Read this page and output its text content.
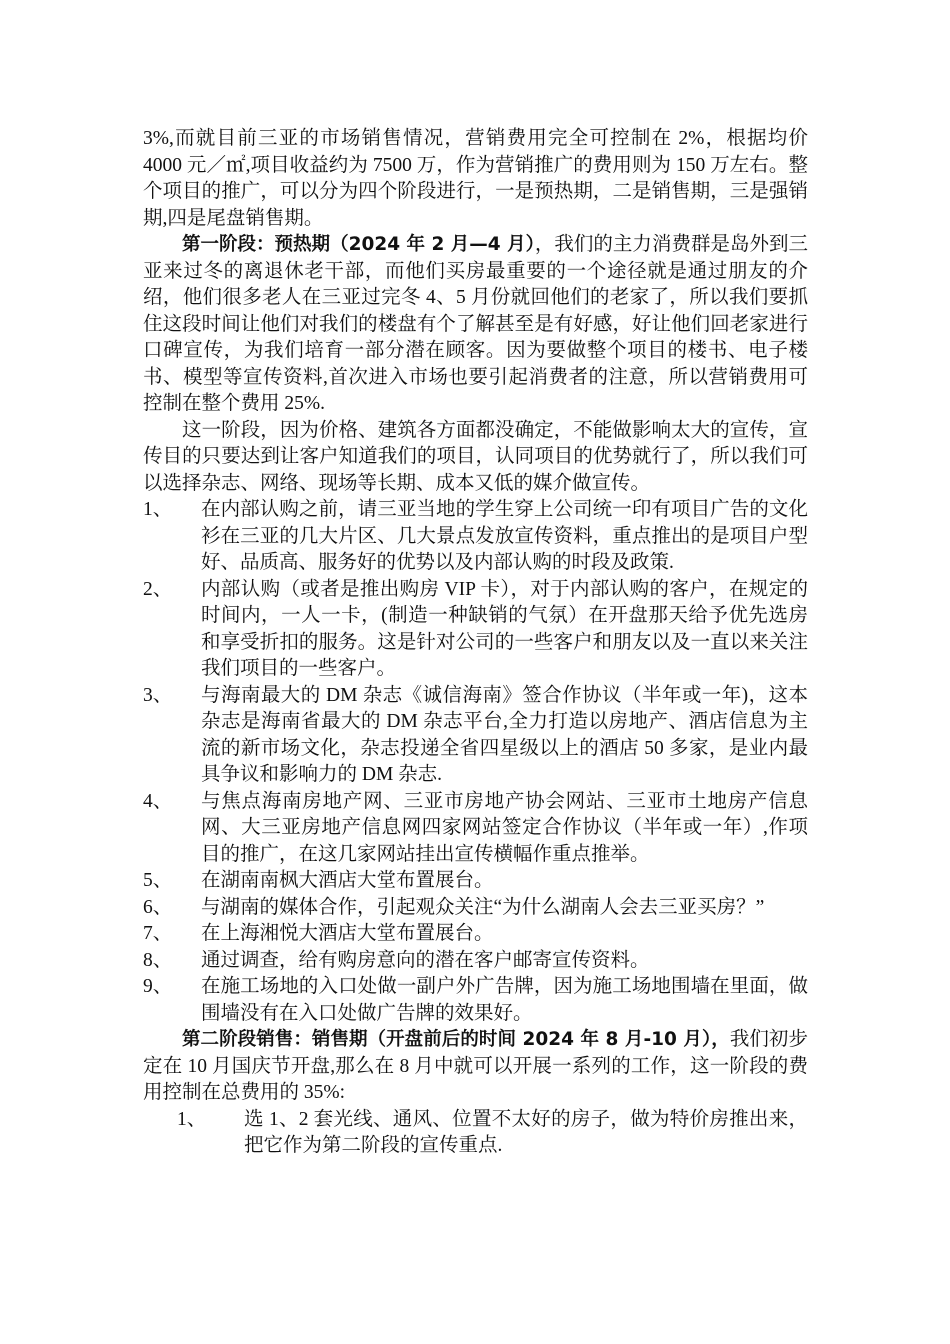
3%,而就目前三亚的市场销售情况，营销费用完全可控制在 2%，根据均价 4000 元／㎡,项目收益约为 7500 万，作为营销推广的费用则为 150 万左右。整个项目的推广，可以分为四个阶段进行，一是预热期，二是销售期，三是强销期,四是尾盘销售期。

第一阶段：预热期（2024 年 2 月—4 月），我们的主力消费群是岛外到三亚来过冬的离退休老干部，而他们买房最重要的一个途径就是通过朋友的介绍，他们很多老人在三亚过完冬 4、5 月份就回他们的老家了，所以我们要抓住这段时间让他们对我们的楼盘有个了解甚至是有好感，好让他们回老家进行口碑宣传，为我们培育一部分潜在顾客。因为要做整个项目的楼书、电子楼书、模型等宣传资料,首次进入市场也要引起消费者的注意，所以营销费用可控制在整个费用 25%.

这一阶段，因为价格、建筑各方面都没确定，不能做影响太大的宣传，宣传目的只要达到让客户知道我们的项目，认同项目的优势就行了，所以我们可以选择杂志、网络、现场等长期、成本又低的媒介做宣传。

1、	在内部认购之前，请三亚当地的学生穿上公司统一印有项目广告的文化衫在三亚的几大片区、几大景点发放宣传资料，重点推出的是项目户型好、品质高、服务好的优势以及内部认购的时段及政策.
2、	内部认购（或者是推出购房 VIP 卡），对于内部认购的客户，在规定的时间内，一人一卡，(制造一种缺销的气氛）在开盘那天给予优先选房和享受折扣的服务。这是针对公司的一些客户和朋友以及一直以来关注我们项目的一些客户。
3、	与海南最大的 DM 杂志《诚信海南》签合作协议（半年或一年)，这本杂志是海南省最大的 DM 杂志平台,全力打造以房地产、酒店信息为主流的新市场文化，杂志投递全省四星级以上的酒店 50 多家，是业内最具争议和影响力的 DM 杂志.
4、	与焦点海南房地产网、三亚市房地产协会网站、三亚市土地房产信息网、大三亚房地产信息网四家网站签定合作协议（半年或一年）,作项目的推广，在这几家网站挂出宣传横幅作重点推举。
5、	在湖南南枫大酒店大堂布置展台。
6、	与湖南的媒体合作，引起观众关注“为什么湖南人会去三亚买房？”
7、	在上海湘悦大酒店大堂布置展台。
8、	通过调查，给有购房意向的潜在客户邮寄宣传资料。
9、	在施工场地的入口处做一副户外广告牌，因为施工场地围墙在里面，做围墙没有在入口处做广告牌的效果好。

第二阶段销售：销售期（开盘前后的时间 2024 年 8 月-10 月），我们初步定在 10 月国庆节开盘,那么在 8 月中就可以开展一系列的工作，这一阶段的费用控制在总费用的 35%:

1、	选 1、2 套光线、通风、位置不太好的房子，做为特价房推出来，把它作为第二阶段的宣传重点.
